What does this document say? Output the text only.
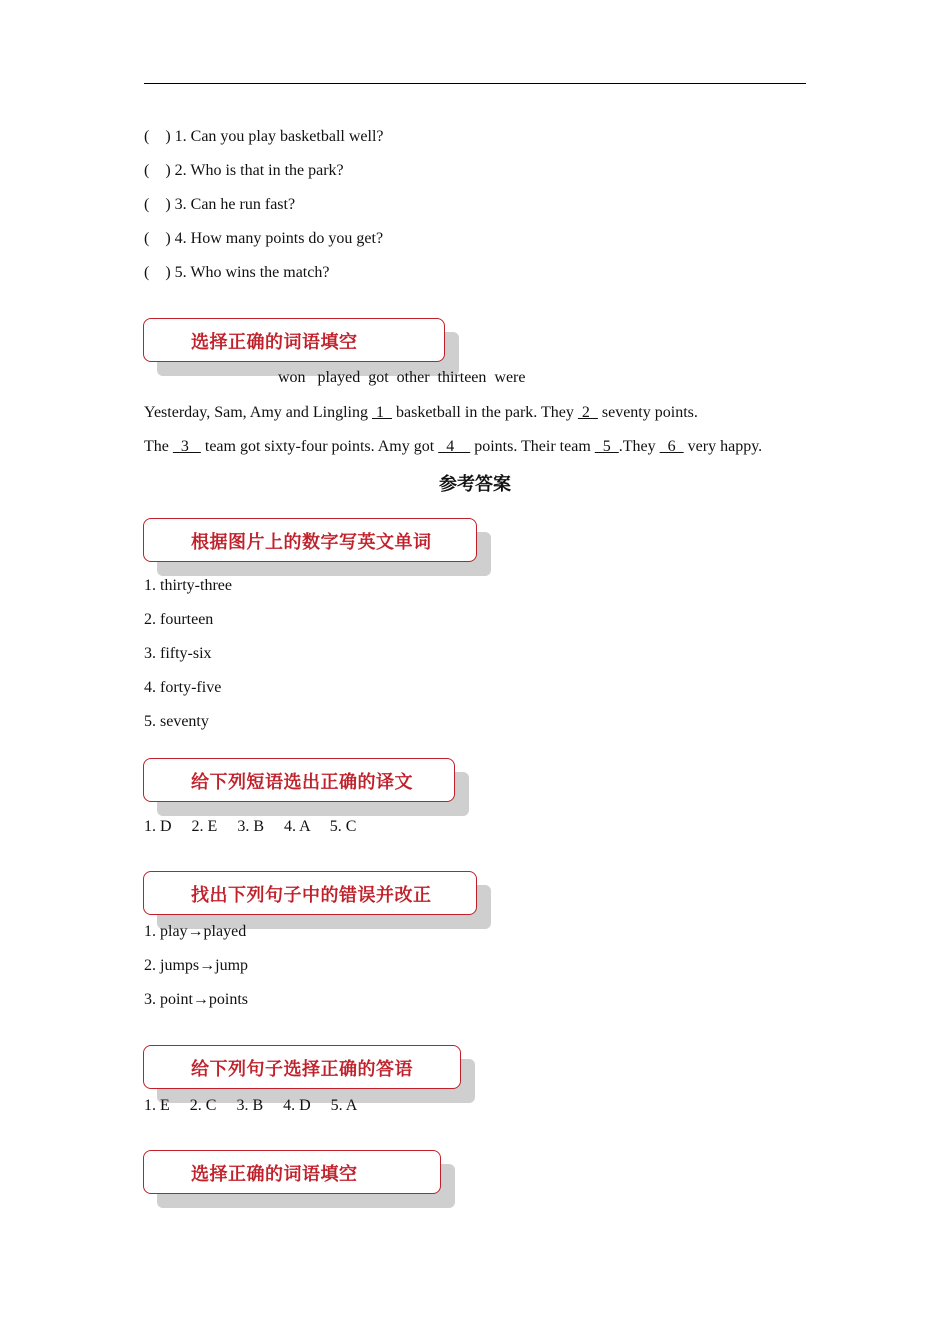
(    ) 1. Can you play basketball well?
(    ) 2. Who is that in the park?
(    ) 3. Can he run fast?
(    ) 4. How many points do you get?
(    ) 5. Who wins the match?
选择正确的词语填空
won   played  got  other  thirteen  were
Yesterday, Sam, Amy and Lingling  1   basketball in the park. They  2   seventy points.
The   3    team got sixty-four points. Amy got   4     points. Their team   5  .They   6   very happy.
参考答案
根据图片上的数字写英文单词
1. thirty-three
2. fourteen
3. fifty-six
4. forty-five
5. seventy
给下列短语选出正确的译文
1. D     2. E     3. B     4. A     5. C
找出下列句子中的错误并改正
1. play→played
2. jumps→jump
3. point→points
给下列句子选择正确的答语
1. E     2. C     3. B     4. D     5. A
选择正确的词语填空
